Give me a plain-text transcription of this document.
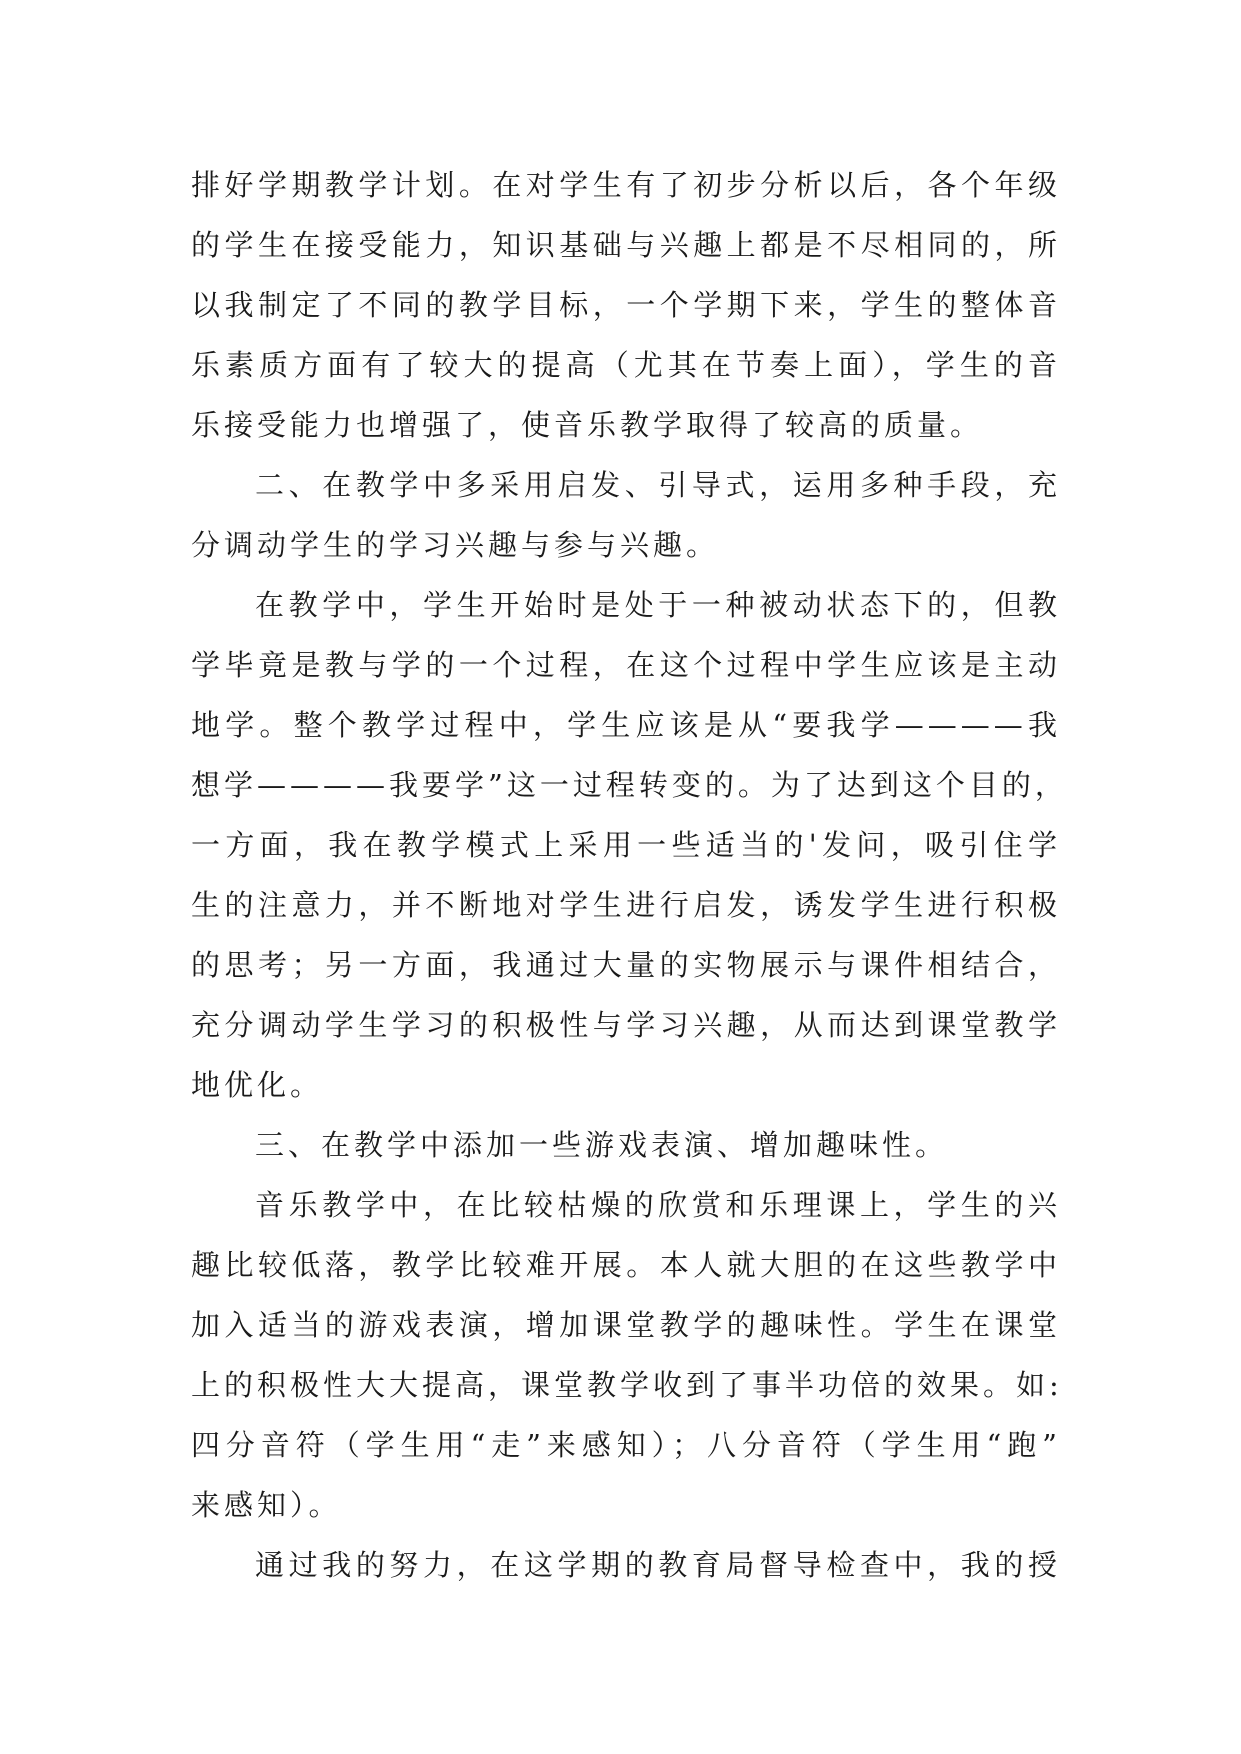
排好学期教学计划。在对学生有了初步分析以后，各个年级
的学生在接受能力，知识基础与兴趣上都是不尽相同的，所
以我制定了不同的教学目标，一个学期下来，学生的整体音
乐素质方面有了较大的提高（尤其在节奏上面），学生的音
乐接受能力也增强了，使音乐教学取得了较高的质量。
二、在教学中多采用启发、引导式，运用多种手段，充
分调动学生的学习兴趣与参与兴趣。
在教学中，学生开始时是处于一种被动状态下的，但教
学毕竟是教与学的一个过程，在这个过程中学生应该是主动
地学。整个教学过程中，学生应该是从“要我学————我
想学————我要学”这一过程转变的。为了达到这个目的，
一方面，我在教学模式上采用一些适当的'发问，吸引住学
生的注意力，并不断地对学生进行启发，诱发学生进行积极
的思考；另一方面，我通过大量的实物展示与课件相结合，
充分调动学生学习的积极性与学习兴趣，从而达到课堂教学
地优化。
三、在教学中添加一些游戏表演、增加趣味性。
音乐教学中，在比较枯燥的欣赏和乐理课上，学生的兴
趣比较低落，教学比较难开展。本人就大胆的在这些教学中
加入适当的游戏表演，增加课堂教学的趣味性。学生在课堂
上的积极性大大提高，课堂教学收到了事半功倍的效果。如:
四分音符（学生用“走”来感知）；八分音符（学生用“跑”
来感知）。
通过我的努力，在这学期的教育局督导检查中，我的授
